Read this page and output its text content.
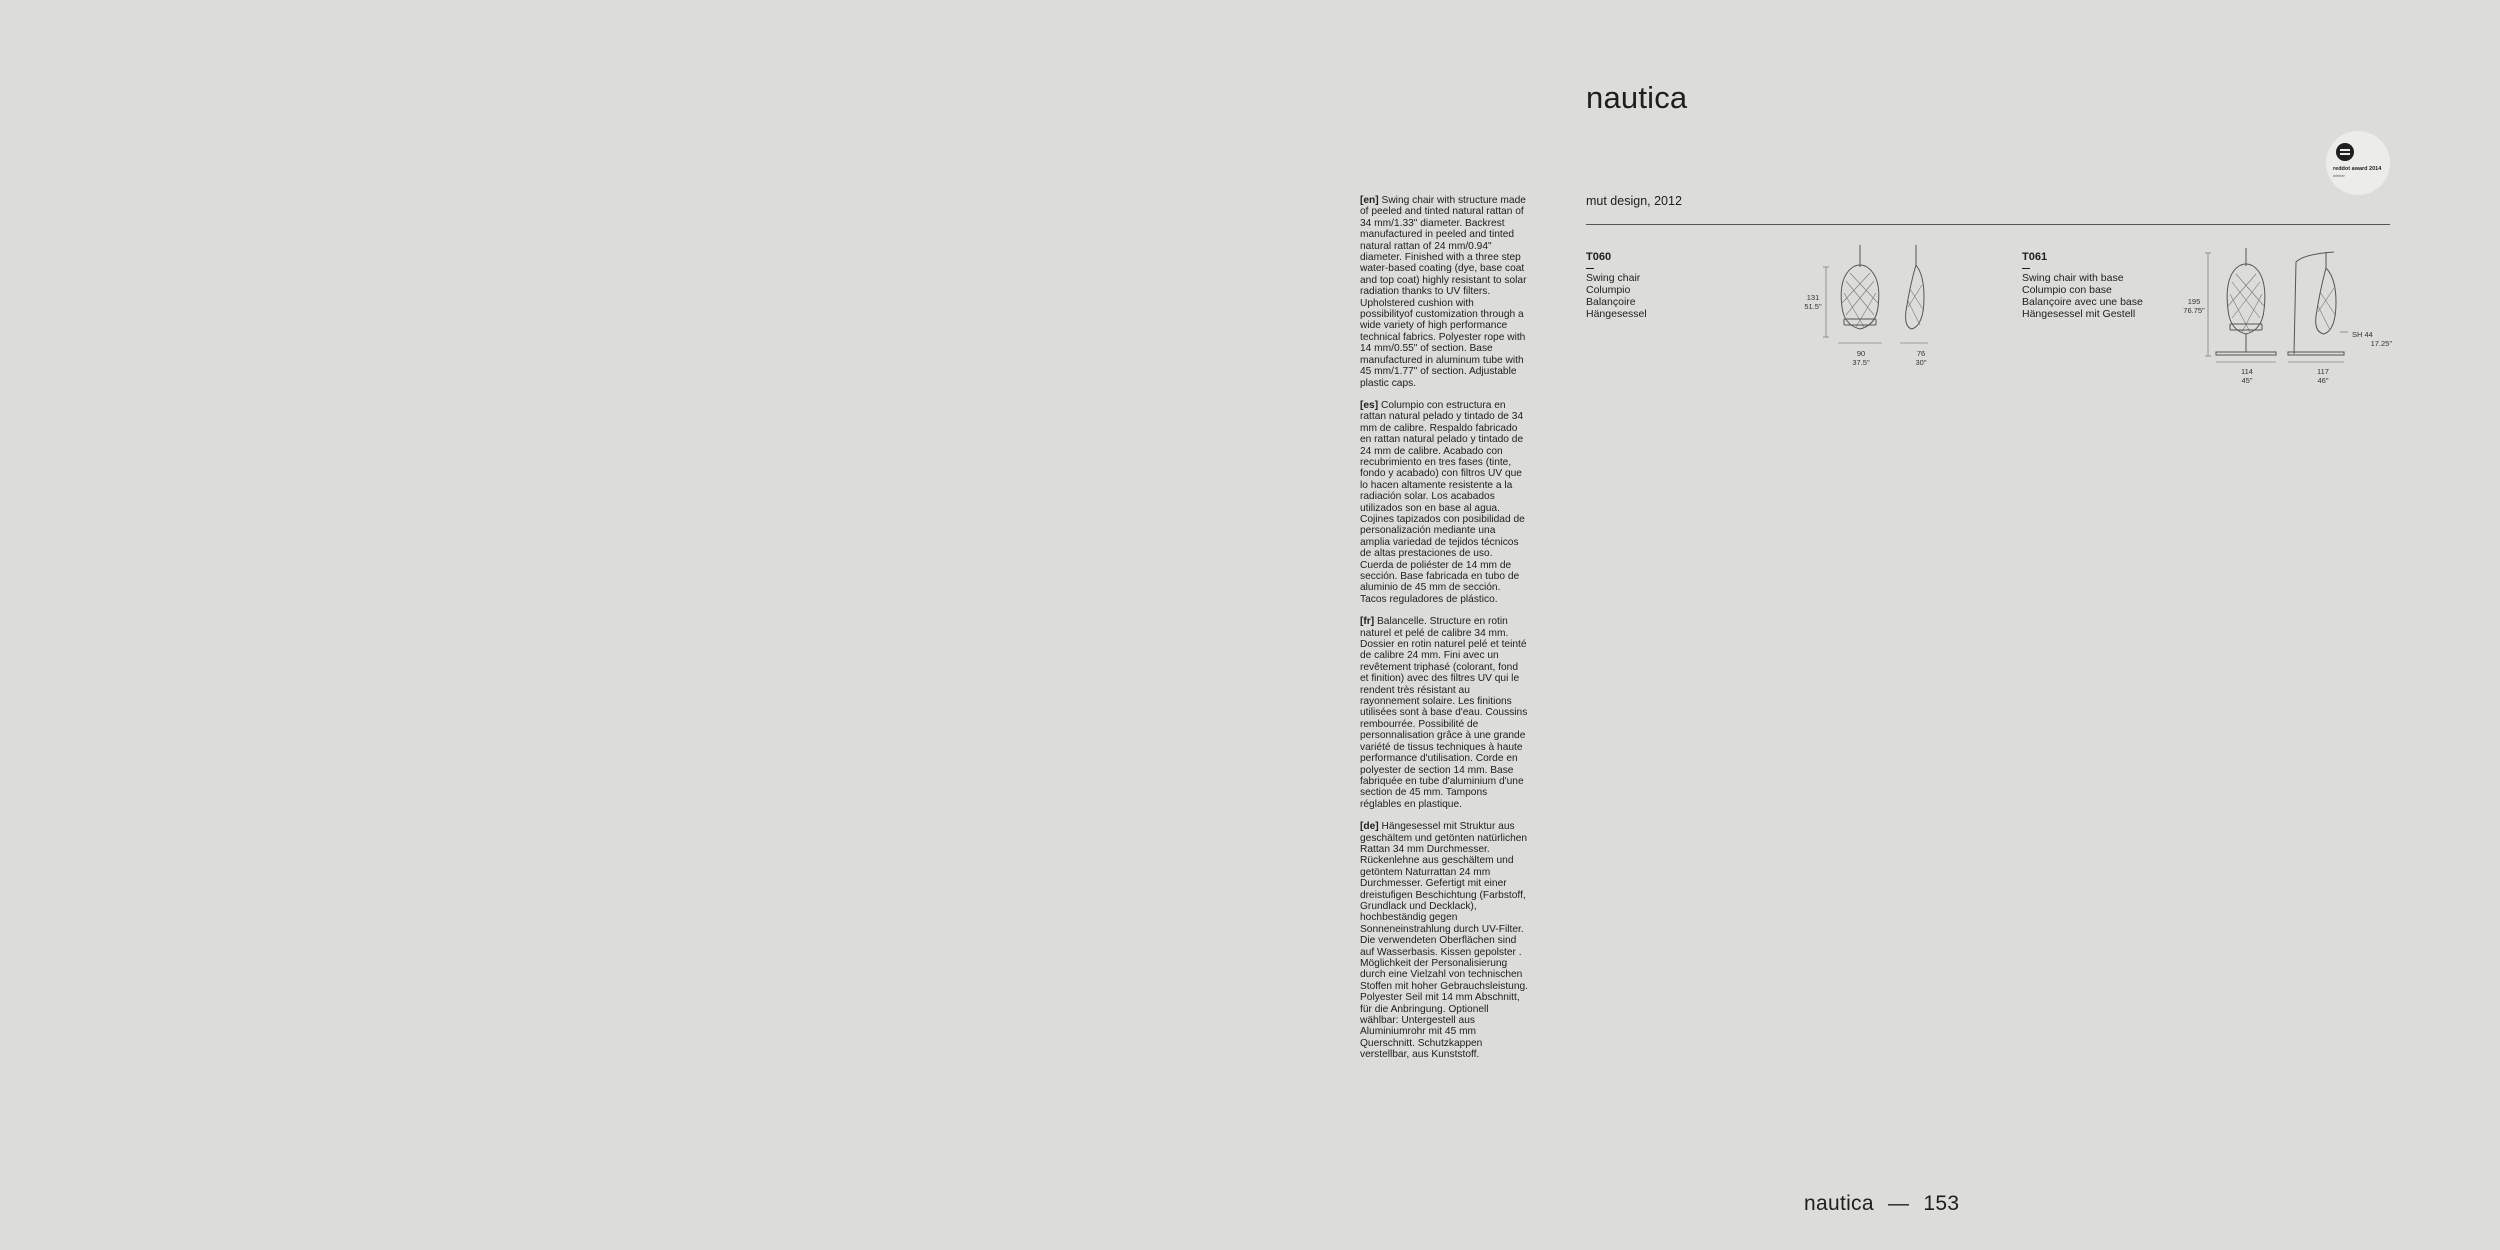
[en] Swing chair with structure made of peeled and tinted natural rattan of 34 mm/1.33" diameter. Backrest manufactured in peeled and tinted natural rattan of 24 mm/0.94" diameter. Finished with a three step water-based coating (dye, base coat and top coat) highly resistant to solar radiation thanks to UV filters. Upholstered cushion with possibilityof customization through a wide variety of high performance technical fabrics. Polyester rope with 14 mm/0.55" of section. Base manufactured in aluminum tube with 45 mm/1.77" of section. Adjustable plastic caps.

[es] Columpio con estructura en rattan natural pelado y tintado de 34 mm de calibre. Respaldo fabricado en rattan natural pelado y tintado de 24 mm de calibre. Acabado con recubrimiento en tres fases (tinte, fondo y acabado) con filtros UV que lo hacen altamente resistente a la radiación solar. Los acabados utilizados son en base al agua. Cojines tapizados con posibilidad de personalización mediante una amplia variedad de tejidos técnicos de altas prestaciones de uso. Cuerda de poliéster de 14 mm de sección. Base fabricada en tubo de aluminio de 45 mm de sección. Tacos reguladores de plástico.

[fr] Balancelle. Structure en rotin naturel et pelé de calibre 34 mm. Dossier en rotin naturel pelé et teinté de calibre 24 mm. Fini avec un revêtement triphasé (colorant, fond et finition) avec des filtres UV qui le rendent très résistant au rayonnement solaire. Les finitions utilisées sont à base d'eau. Coussins rembourrée. Possibilité de personnalisation grâce à une grande variété de tissus techniques à haute performance d'utilisation. Corde en polyester de section 14 mm. Base fabriquée en tube d'aluminium d'une section de 45 mm. Tampons réglables en plastique.

[de] Hängesessel mit Struktur aus geschältem und getönten natürlichen Rattan 34 mm Durchmesser. Rückenlehne aus geschältem und getöntem Naturrattan 24 mm Durchmesser. Gefertigt mit einer dreistufigen Beschichtung (Farbstoff, Grundlack und Decklack), hochbeständig gegen Sonneneinstrahlung durch UV-Filter. Die verwendeten Oberflächen sind auf Wasserbasis. Kissen gepolster . Möglichkeit der Personalisierung durch eine Vielzahl von technischen Stoffen mit hoher Gebrauchsleistung. Polyester Seil mit 14 mm Abschnitt, für die Anbringung. Optionell wählbar: Untergestell aus Aluminiumrohr mit 45 mm Querschnitt. Schutzkappen verstellbar, aus Kunststoff.

nautica
reddot award 2014
winner
mut design, 2012
T060
Swing chair
Columpio
Balançoire
Hängesessel
131
51.5"
90
37.5"
76
30"
T061
Swing chair with base
Columpio con base
Balançoire avec une base
Hängesessel mit Gestell
195
76.75"
114
45"
117
46"
SH 44
17.25"
nautica — 153
